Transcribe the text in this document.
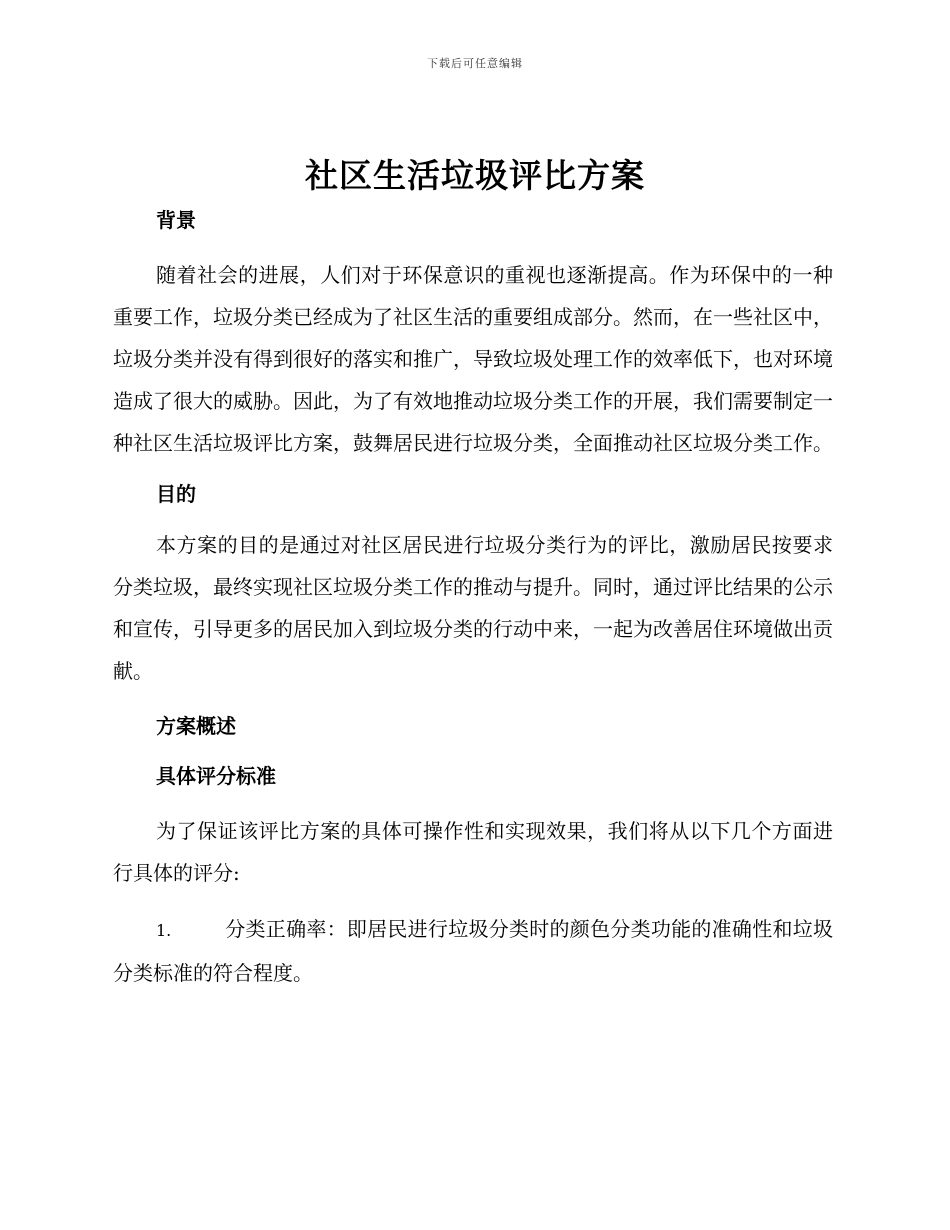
下载后可任意编辑
社区生活垃圾评比方案

背景

随着社会的进展，人们对于环保意识的重视也逐渐提高。作为环保中的一种重要工作，垃圾分类已经成为了社区生活的重要组成部分。然而，在一些社区中，垃圾分类并没有得到很好的落实和推广，导致垃圾处理工作的效率低下，也对环境造成了很大的威胁。因此，为了有效地推动垃圾分类工作的开展，我们需要制定一种社区生活垃圾评比方案，鼓舞居民进行垃圾分类，全面推动社区垃圾分类工作。

目的

本方案的目的是通过对社区居民进行垃圾分类行为的评比，激励居民按要求分类垃圾，最终实现社区垃圾分类工作的推动与提升。同时，通过评比结果的公示和宣传，引导更多的居民加入到垃圾分类的行动中来，一起为改善居住环境做出贡献。

方案概述

具体评分标准

为了保证该评比方案的具体可操作性和实现效果，我们将从以下几个方面进行具体的评分:

1.	分类正确率：即居民进行垃圾分类时的颜色分类功能的准确性和垃圾分类标准的符合程度。
